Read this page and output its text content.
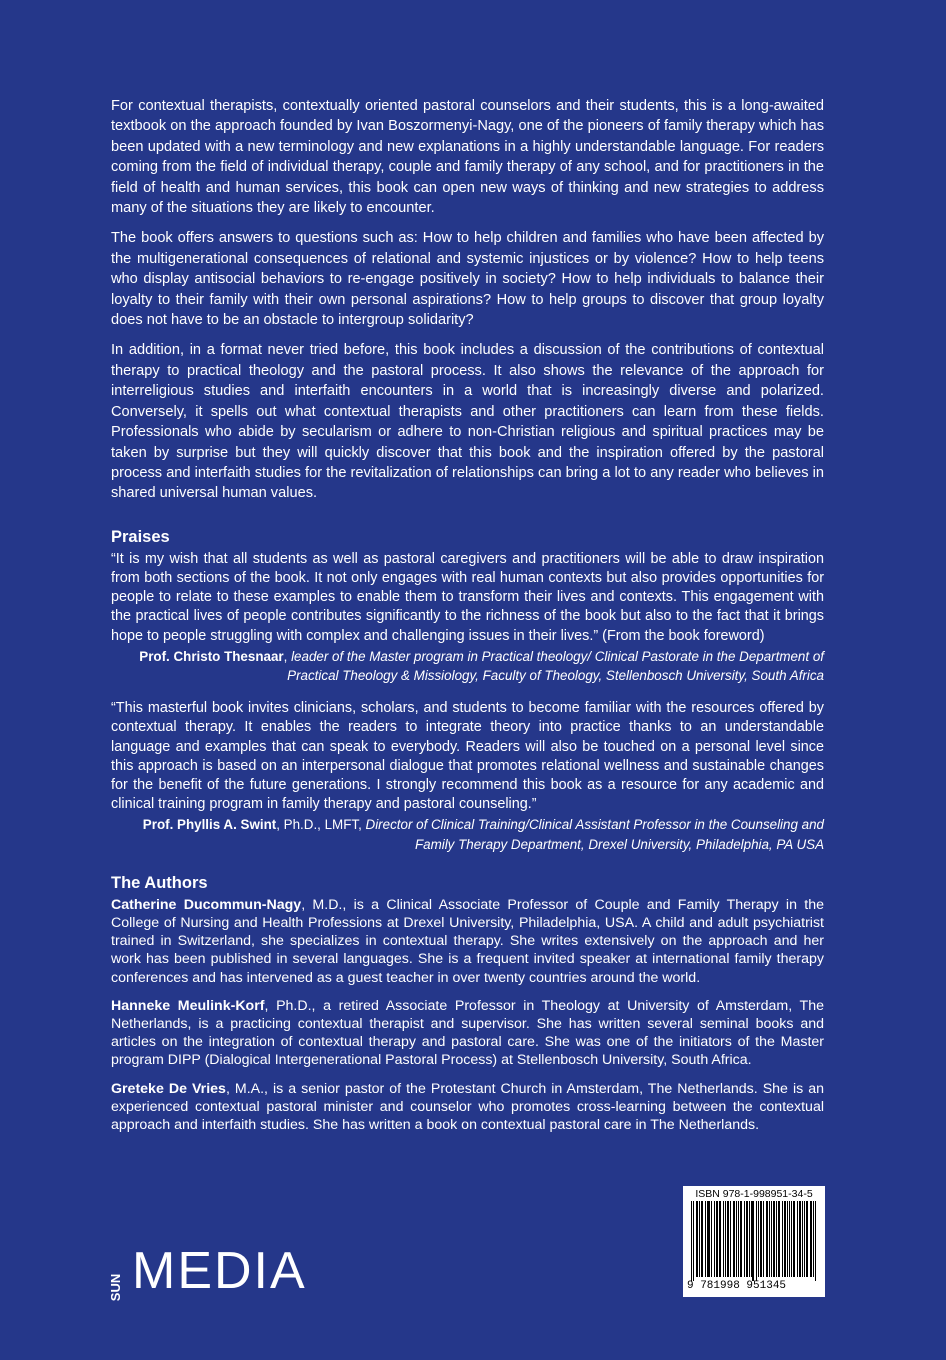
For contextual therapists, contextually oriented pastoral counselors and their students, this is a long-awaited textbook on the approach founded by Ivan Boszormenyi-Nagy, one of the pioneers of family therapy which has been updated with a new terminology and new explanations in a highly understandable language. For readers coming from the field of individual therapy, couple and family therapy of any school, and for practitioners in the field of health and human services, this book can open new ways of thinking and new strategies to address many of the situations they are likely to encounter.

The book offers answers to questions such as: How to help children and families who have been affected by the multigenerational consequences of relational and systemic injustices or by violence? How to help teens who display antisocial behaviors to re-engage positively in society? How to help individuals to balance their loyalty to their family with their own personal aspirations? How to help groups to discover that group loyalty does not have to be an obstacle to intergroup solidarity?

In addition, in a format never tried before, this book includes a discussion of the contributions of contextual therapy to practical theology and the pastoral process. It also shows the relevance of the approach for interreligious studies and interfaith encounters in a world that is increasingly diverse and polarized. Conversely, it spells out what contextual therapists and other practitioners can learn from these fields. Professionals who abide by secularism or adhere to non-Christian religious and spiritual practices may be taken by surprise but they will quickly discover that this book and the inspiration offered by the pastoral process and interfaith studies for the revitalization of relationships can bring a lot to any reader who believes in shared universal human values.

Praises

“It is my wish that all students as well as pastoral caregivers and practitioners will be able to draw inspiration from both sections of the book. It not only engages with real human contexts but also provides opportunities for people to relate to these examples to enable them to transform their lives and contexts. This engagement with the practical lives of people contributes significantly to the richness of the book but also to the fact that it brings hope to people struggling with complex and challenging issues in their lives.” (From the book foreword)

Prof. Christo Thesnaar, leader of the Master program in Practical theology/ Clinical Pastorate in the Department of Practical Theology & Missiology, Faculty of Theology, Stellenbosch University, South Africa

“This masterful book invites clinicians, scholars, and students to become familiar with the resources offered by contextual therapy. It enables the readers to integrate theory into practice thanks to an understandable language and examples that can speak to everybody. Readers will also be touched on a personal level since this approach is based on an interpersonal dialogue that promotes relational wellness and sustainable changes for the benefit of the future generations. I strongly recommend this book as a resource for any academic and clinical training program in family therapy and pastoral counseling.”

Prof. Phyllis A. Swint, Ph.D., LMFT, Director of Clinical Training/Clinical Assistant Professor in the Counseling and Family Therapy Department, Drexel University, Philadelphia, PA USA
The Authors

Catherine Ducommun-Nagy, M.D., is a Clinical Associate Professor of Couple and Family Therapy in the College of Nursing and Health Professions at Drexel University, Philadelphia, USA. A child and adult psychiatrist trained in Switzerland, she specializes in contextual therapy. She writes extensively on the approach and her work has been published in several languages. She is a frequent invited speaker at international family therapy conferences and has intervened as a guest teacher in over twenty countries around the world.

Hanneke Meulink-Korf, Ph.D., a retired Associate Professor in Theology at University of Amsterdam, The Netherlands, is a practicing contextual therapist and supervisor. She has written several seminal books and articles on the integration of contextual therapy and pastoral care. She was one of the initiators of the Master program DIPP (Dialogical Intergenerational Pastoral Process) at Stellenbosch University, South Africa.

Greteke De Vries, M.A., is a senior pastor of the Protestant Church in Amsterdam, The Netherlands. She is an experienced contextual pastoral minister and counselor who promotes cross-learning between the contextual approach and interfaith studies. She has written a book on contextual pastoral care in The Netherlands.

SUN MEDIA
ISBN 978-1-998951-34-5
9 781998 951345
